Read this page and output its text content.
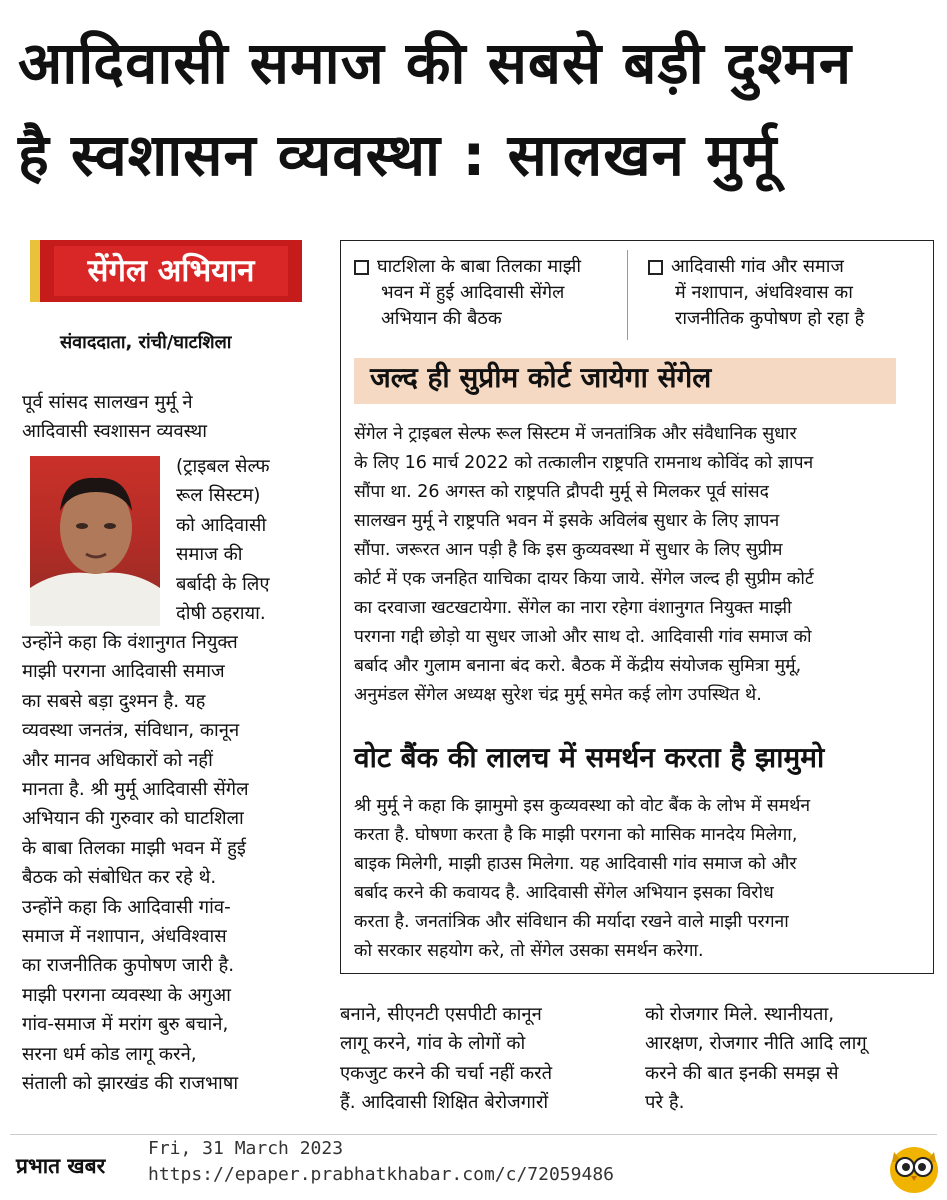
आदिवासी समाज की सबसे बड़ी दुश्मन
है स्वशासन व्यवस्था : सालखन मुर्मू
सेंगेल अभियान
संवाददाता, रांची/घाटशिला
पूर्व सांसद सालखन मुर्मू ने
आदिवासी स्वशासन व्यवस्था
(ट्राइबल सेल्फ
रूल सिस्टम)
को आदिवासी
समाज की
बर्बादी के लिए
दोषी ठहराया.
उन्होंने कहा कि वंशानुगत नियुक्त
माझी परगना आदिवासी समाज
का सबसे बड़ा दुश्मन है. यह
व्यवस्था जनतंत्र, संविधान, कानून
और मानव अधिकारों को नहीं
मानता है. श्री मुर्मू आदिवासी सेंगेल
अभियान की गुरुवार को घाटशिला
के बाबा तिलका माझी भवन में हुई
बैठक को संबोधित कर रहे थे.
उन्होंने कहा कि आदिवासी गांव-
समाज में नशापान, अंधविश्वास
का राजनीतिक कुपोषण जारी है.
माझी परगना व्यवस्था के अगुआ
गांव-समाज में मरांग बुरु बचाने,
सरना धर्म कोड लागू करने,
संताली को झारखंड की राजभाषा
घाटशिला के बाबा तिलका माझी
भवन में हुई आदिवासी सेंगेल
अभियान की बैठक
आदिवासी गांव और समाज
में नशापान, अंधविश्वास का
राजनीतिक कुपोषण हो रहा है
जल्द ही सुप्रीम कोर्ट जायेगा सेंगेल
सेंगेल ने ट्राइबल सेल्फ रूल सिस्टम में जनतांत्रिक और संवैधानिक सुधार
के लिए 16 मार्च 2022 को तत्कालीन राष्ट्रपति रामनाथ कोविंद को ज्ञापन
सौंपा था. 26 अगस्त को राष्ट्रपति द्रौपदी मुर्मू से मिलकर पूर्व सांसद
सालखन मुर्मू ने राष्ट्रपति भवन में इसके अविलंब सुधार के लिए ज्ञापन
सौंपा. जरूरत आन पड़ी है कि इस कुव्यवस्था में सुधार के लिए सुप्रीम
कोर्ट में एक जनहित याचिका दायर किया जाये. सेंगेल जल्द ही सुप्रीम कोर्ट
का दरवाजा खटखटायेगा. सेंगेल का नारा रहेगा वंशानुगत नियुक्त माझी
परगना गद्दी छोड़ो या सुधर जाओ और साथ दो. आदिवासी गांव समाज को
बर्बाद और गुलाम बनाना बंद करो. बैठक में केंद्रीय संयोजक सुमित्रा मुर्मू,
अनुमंडल सेंगेल अध्यक्ष सुरेश चंद्र मुर्मू समेत कई लोग उपस्थित थे.
वोट बैंक की लालच में समर्थन करता है झामुमो
श्री मुर्मू ने कहा कि झामुमो इस कुव्यवस्था को वोट बैंक के लोभ में समर्थन
करता है. घोषणा करता है कि माझी परगना को मासिक मानदेय मिलेगा,
बाइक मिलेगी, माझी हाउस मिलेगा. यह आदिवासी गांव समाज को और
बर्बाद करने की कवायद है. आदिवासी सेंगेल अभियान इसका विरोध
करता है. जनतांत्रिक और संविधान की मर्यादा रखने वाले माझी परगना
को सरकार सहयोग करे, तो सेंगेल उसका समर्थन करेगा.
बनाने, सीएनटी एसपीटी कानून
लागू करने, गांव के लोगों को
एकजुट करने की चर्चा नहीं करते
हैं. आदिवासी शिक्षित बेरोजगारों
को रोजगार मिले. स्थानीयता,
आरक्षण, रोजगार नीति आदि लागू
करने की बात इनकी समझ से
परे है.
प्रभात खबर
Fri, 31 March 2023
https://epaper.prabhatkhabar.com/c/72059486
